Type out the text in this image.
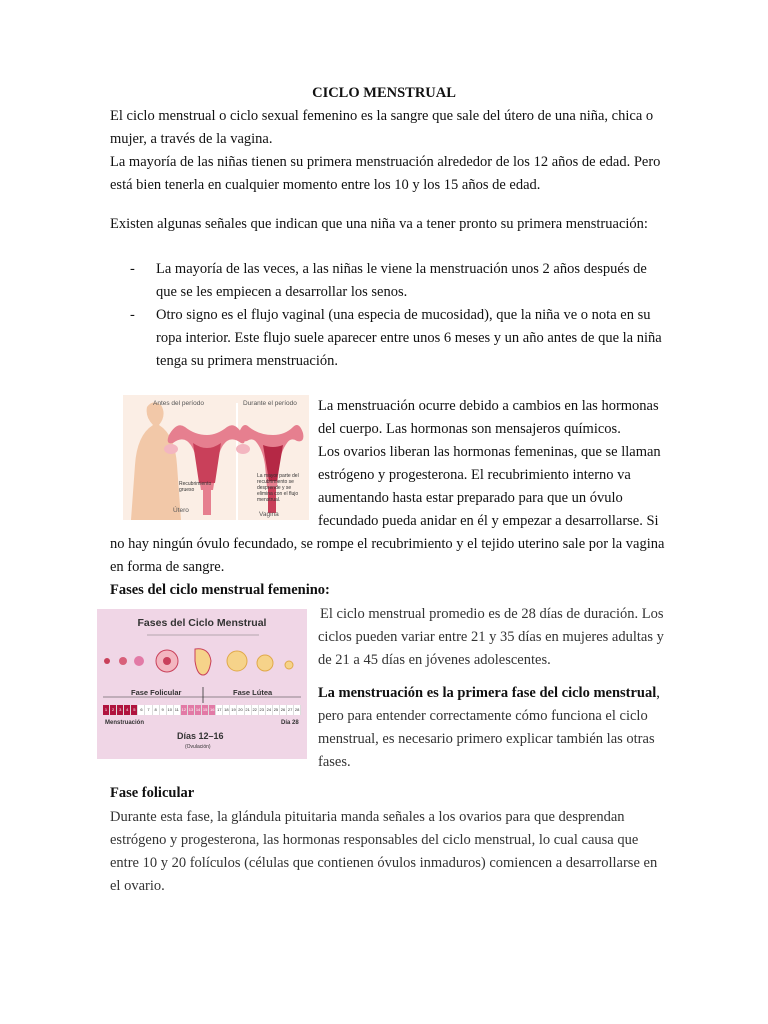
CICLO MENSTRUAL

El ciclo menstrual o ciclo sexual femenino es la sangre que sale del útero de una niña, chica o

mujer, a través de la vagina.

La mayoría de las niñas tienen su primera menstruación alrededor de los 12 años de edad. Pero

está bien tenerla en cualquier momento entre los 10 y los 15 años de edad.

Existen algunas señales que indican que una niña va a tener pronto su primera menstruación:

- La mayoría de las veces, a las niñas le viene la menstruación unos 2 años después de

que se les empiecen a desarrollar los senos.

- Otro signo es el flujo vaginal (una especia de mucosidad), que la niña ve o nota en su

ropa interior. Este flujo suele aparecer entre unos 6 meses y un año antes de que la niña

tenga su primera menstruación.

Antes del período	Durante el período
Recubrimiento grueso
Útero
Vagina
La mayor parte del recubrimiento se desprende y se elimina con el flujo menstrual.

La menstruación ocurre debido a cambios en las hormonas

del cuerpo. Las hormonas son mensajeros químicos.

Los ovarios liberan las hormonas femeninas, que se llaman

estrógeno y progesterona. El recubrimiento interno va

aumentando hasta estar preparado para que un óvulo

fecundado pueda anidar en él y empezar a desarrollarse. Si

no hay ningún óvulo fecundado, se rompe el recubrimiento y el tejido uterino sale por la vagina

en forma de sangre.

Fases del ciclo menstrual femenino:

Fases del Ciclo Menstrual
Fase Folicular	Fase Lútea
1	2	3	4	5	6	7	8	9 10 11 12 13 14 15 16 17 18 19 20 21 22 23 24 25 26 27 28
Menstruación	Día 28
Días 12–16
(Ovulación)

El ciclo menstrual promedio es de 28 días de duración. Los

ciclos pueden variar entre 21 y 35 días en mujeres adultas y

de 21 a 45 días en jóvenes adolescentes.

La menstruación es la primera fase del ciclo menstrual,

pero para entender correctamente cómo funciona el ciclo

menstrual, es necesario primero explicar también las otras

fases.

Fase folicular

Durante esta fase, la glándula pituitaria manda señales a los ovarios para que desprendan

estrógeno y progesterona, las hormonas responsables del ciclo menstrual, lo cual causa que

entre 10 y 20 folículos (células que contienen óvulos inmaduros) comiencen a desarrollarse en

el ovario.
